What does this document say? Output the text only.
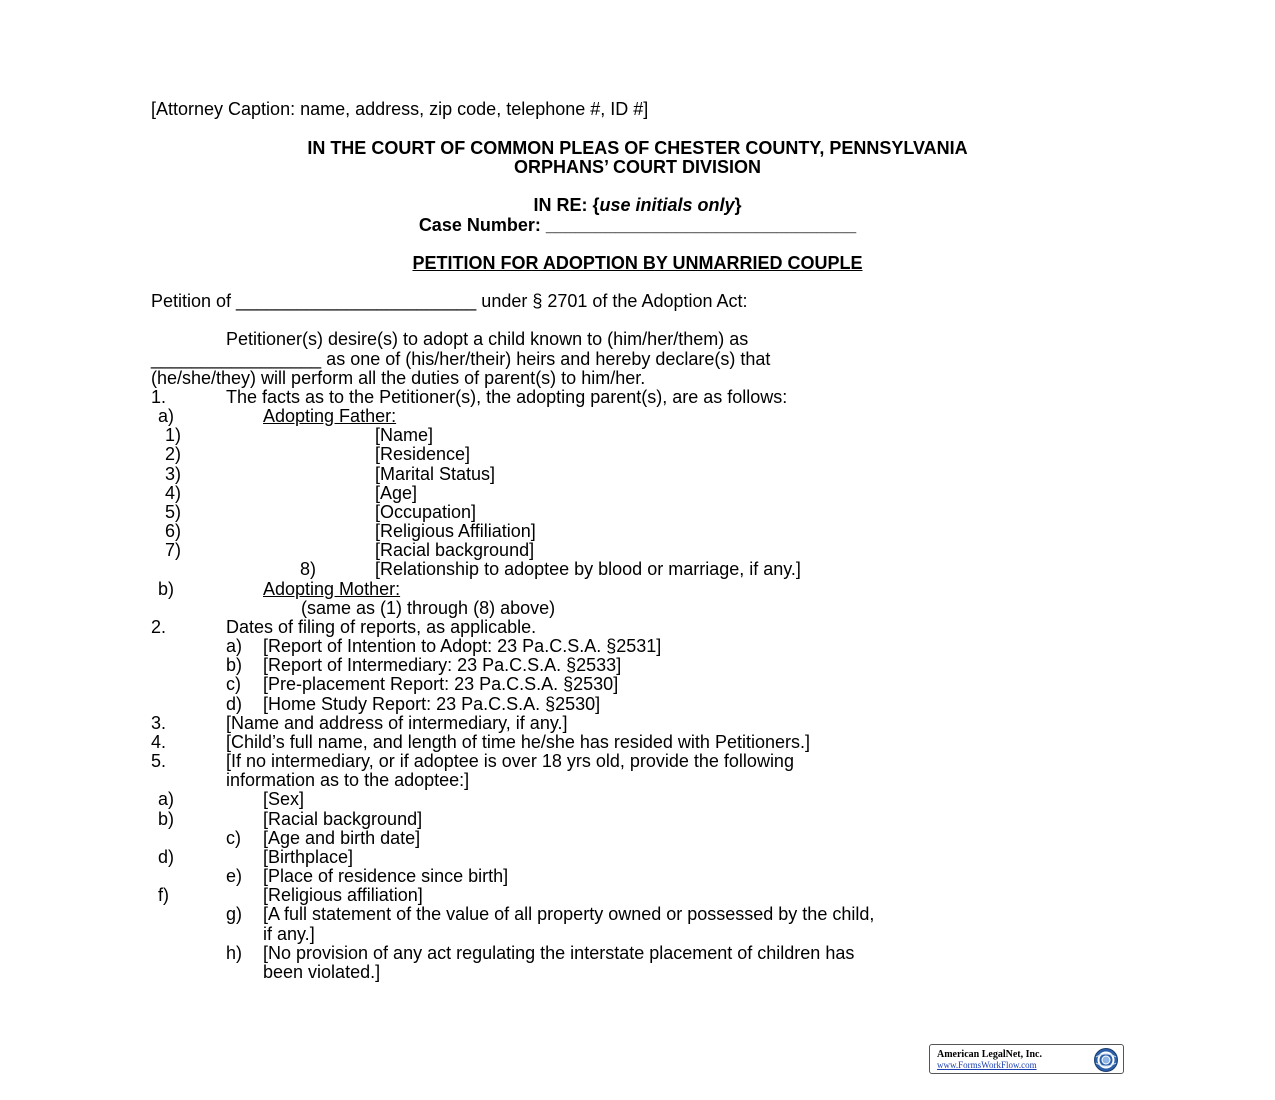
[Attorney Caption: name, address, zip code, telephone #, ID #]
IN THE COURT OF COMMON PLEAS OF CHESTER COUNTY, PENNSYLVANIA
ORPHANS’ COURT DIVISION
IN RE: {use initials only}
Case Number: _______________________________
PETITION FOR ADOPTION BY UNMARRIED COUPLE
Petition of ________________________ under § 2701 of the Adoption Act:
Petitioner(s) desire(s) to adopt a child known to (him/her/them) as
_________________ as one of (his/her/their) heirs and hereby declare(s) that
(he/she/they) will perform all the duties of parent(s) to him/her.
1.	The facts as to the Petitioner(s), the adopting parent(s), are as follows:
a)	Adopting Father:
1)	[Name]
2)	[Residence]
3)	[Marital Status]
4)	[Age]
5)	[Occupation]
6)	[Religious Affiliation]
7)	[Racial background]
8)	[Relationship to adoptee by blood or marriage, if any.]
b)	Adopting Mother:
(same as (1) through (8) above)
2.	Dates of filing of reports, as applicable.
a) [Report of Intention to Adopt: 23 Pa.C.S.A. §2531]
b) [Report of Intermediary: 23 Pa.C.S.A. §2533]
c) [Pre-placement Report: 23 Pa.C.S.A. §2530]
d) [Home Study Report: 23 Pa.C.S.A. §2530]
3.	[Name and address of intermediary, if any.]
4.	[Child’s full name, and length of time he/she has resided with Petitioners.]
5.	[If no intermediary, or if adoptee is over 18 yrs old, provide the following
information as to the adoptee:]
a)	[Sex]
b)	[Racial background]
c) [Age and birth date]
d)	[Birthplace]
e) [Place of residence since birth]
f)	[Religious affiliation]
g) [A full statement of the value of all property owned or possessed by the child,
if any.]
h) [No provision of any act regulating the interstate placement of children has
been violated.]
American LegalNet, Inc.
www.FormsWorkFlow.com
